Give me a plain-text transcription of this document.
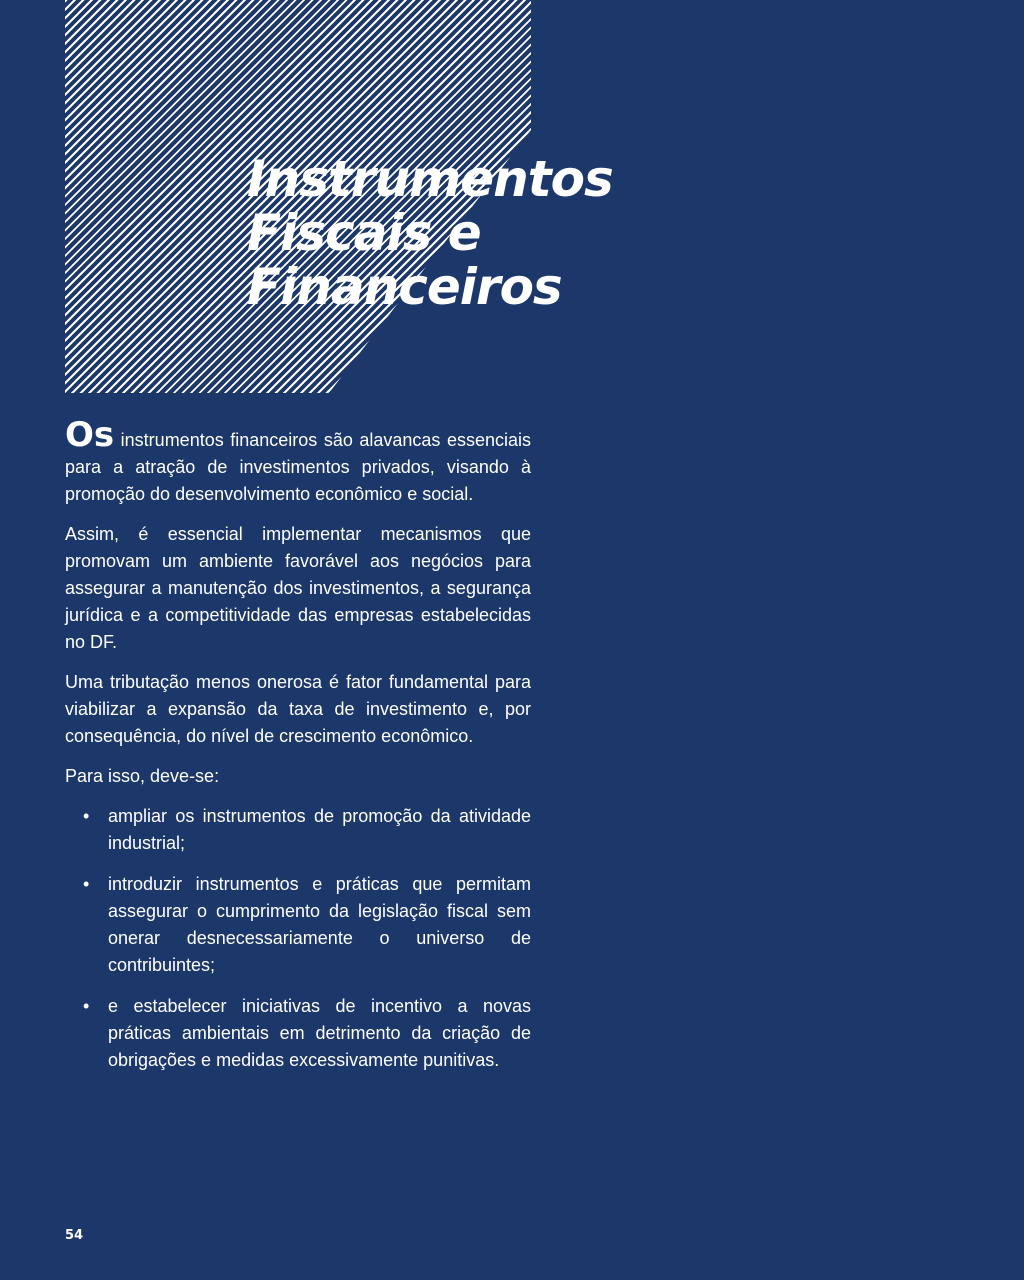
Instrumentos
Fiscais e
Financeiros

Os instrumentos financeiros são alavancas essenciais para a atração de investimentos privados, visando à promoção do desenvolvimento econômico e social.

Assim, é essencial implementar mecanismos que promovam um ambiente favorável aos negócios para assegurar a manutenção dos investimentos, a segurança jurídica e a competitividade das empresas estabelecidas no DF.

Uma tributação menos onerosa é fator fundamental para viabilizar a expansão da taxa de investimento e, por consequência, do nível de crescimento econômico.

Para isso, deve-se:

• ampliar os instrumentos de promoção da atividade industrial;
• introduzir instrumentos e práticas que permitam assegurar o cumprimento da legislação fiscal sem onerar desnecessariamente o universo de contribuintes;
• e estabelecer iniciativas de incentivo a novas práticas ambientais em detrimento da criação de obrigações e medidas excessivamente punitivas.
54
